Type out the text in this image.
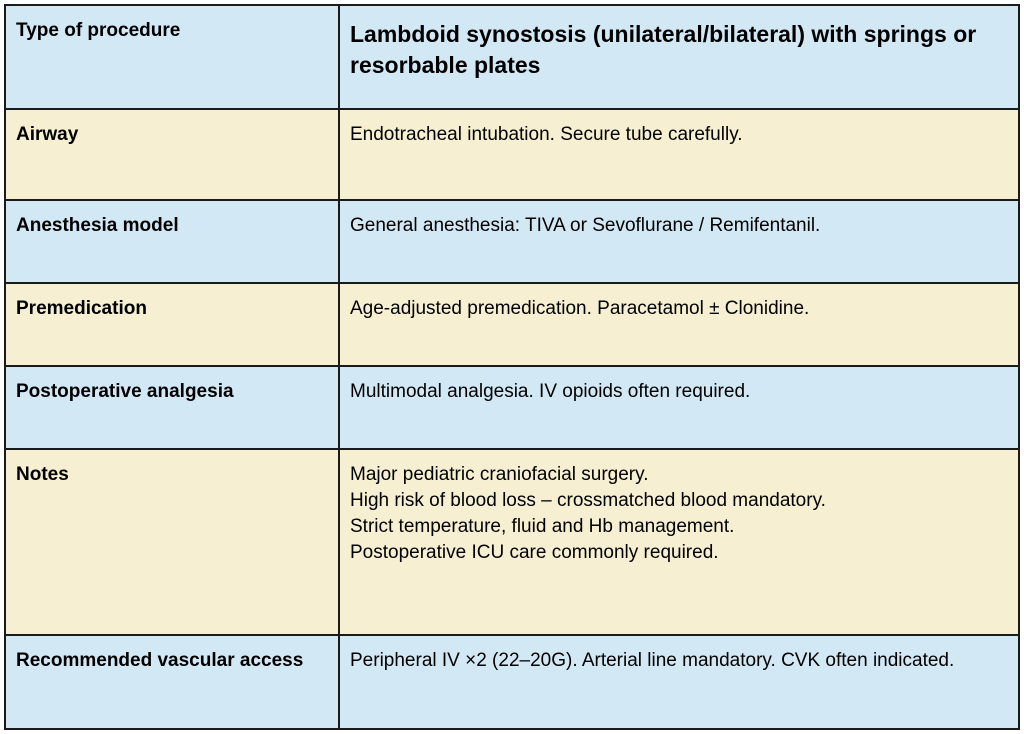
Type of procedure	Lambdoid synostosis (unilateral/bilateral) with springs or resorbable plates
Airway	Endotracheal intubation. Secure tube carefully.

Anesthesia model	General anesthesia: TIVA or Sevoflurane / Remifentanil.

Premedication	Age-adjusted premedication. Paracetamol ± Clonidine.

Postoperative analgesia	Multimodal analgesia. IV opioids often required.

Notes	Major pediatric craniofacial surgery.
High risk of blood loss – crossmatched blood mandatory.
Strict temperature, fluid and Hb management.
Postoperative ICU care commonly required.

Recommended vascular access	Peripheral IV ×2 (22–20G). Arterial line mandatory. CVK often indicated.
